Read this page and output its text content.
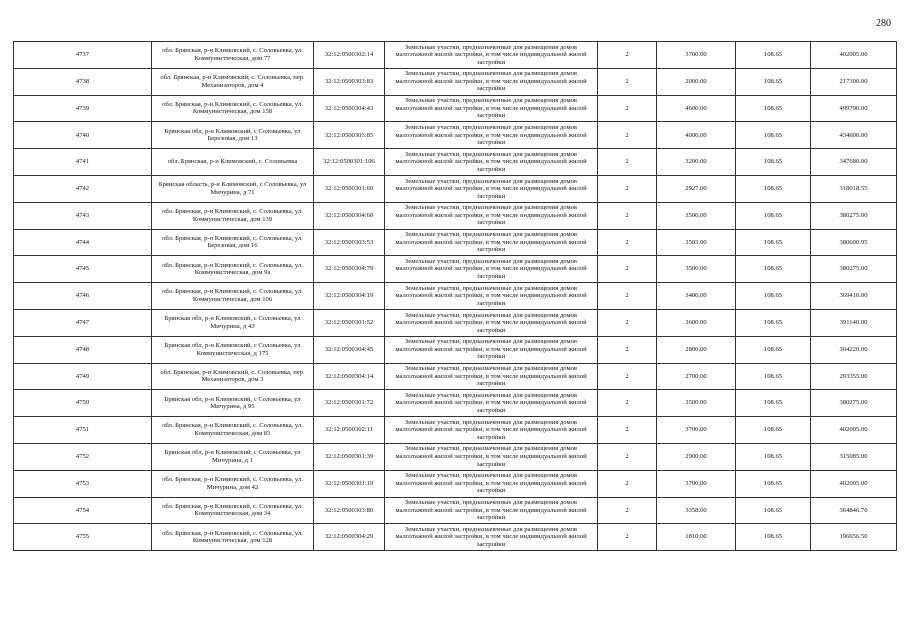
280
4737	обл. Брянская, р-н Климовский, с. Соловьевка, ул. Коммунистическая, дом 77	32:12:0500302:14	Земельные участки, предназначенные для размещения домов малоэтажной жилой застройки, в том числе индивидуальной жилой застройки	2	3700.00	108.65	402005.00
4738	обл. Брянская, р-н Климовский, с. Соловьевка, пер. Механизаторов, дом 4	32:12:0500303:83	Земельные участки, предназначенные для размещения домов малоэтажной жилой застройки, в том числе индивидуальной жилой застройки	2	2000.00	108.65	217300.00
4739	обл. Брянская, р-н Климовский, с. Соловьевка, ул. Коммунистическая, дом 158	32:12:0500304:43	Земельные участки, предназначенные для размещения домов малоэтажной жилой застройки, в том числе индивидуальной жилой застройки	2	4600.00	108.65	499790.00
4740	Брянская обл, р-н Климовский, с Соловьевка, ул Березовая, дом 13	32:12:0500303:85	Земельные участки, предназначенные для размещения домов малоэтажной жилой застройки, в том числе индивидуальной жилой застройки	2	4000.00	108.65	434600.00
4741	обл. Брянская, р-н Климовский, с. Соловьевка	32:12:0500301:106	Земельные участки, предназначенные для размещения домов малоэтажной жилой застройки, в том числе индивидуальной жилой застройки	2	3200.00	108.65	347680.00
4742	Брянская область, р-н Климовский, с Соловьевка, ул Мичурина, д 71	32:12:0500301:60	Земельные участки, предназначенные для размещения домов малоэтажной жилой застройки, в том числе индивидуальной жилой застройки	2	2927.00	108.65	318018.55
4743	обл. Брянская, р-н Климовский, с. Соловьевка, ул. Коммунистическая, дом 139	32:12:0500304:60	Земельные участки, предназначенные для размещения домов малоэтажной жилой застройки, в том числе индивидуальной жилой застройки	2	3500.00	108.65	380275.00
4744	обл. Брянская, р-н Климовский, с. Соловьевка, ул. Березовая, дом 16	32:12:0500303:53	Земельные участки, предназначенные для размещения домов малоэтажной жилой застройки, в том числе индивидуальной жилой застройки	2	3503.00	108.65	380600.95
4745	обл. Брянская, р-н Климовский, с. Соловьевка, ул. Коммунистическая, дом 9а	32:12:0500304:79	Земельные участки, предназначенные для размещения домов малоэтажной жилой застройки, в том числе индивидуальной жилой застройки	2	3500.00	108.65	380275.00
4746	обл. Брянская, р-н Климовский, с. Соловьевка, ул. Коммунистическая, дом 106	32:12:0500304:19	Земельные участки, предназначенные для размещения домов малоэтажной жилой застройки, в том числе индивидуальной жилой застройки	2	3400.00	108.65	369410.00
4747	Брянская обл, р-н Климовский, с Соловьевка, ул Мичурина, д 43	32:12:0500301:52	Земельные участки, предназначенные для размещения домов малоэтажной жилой застройки, в том числе индивидуальной жилой застройки	2	3600.00	108.65	391140.00
4748	Брянская обл, р-н Климовский, с Соловьевка, ул Коммунистическая, д 175	32:12:0500304:45	Земельные участки, предназначенные для размещения домов малоэтажной жилой застройки, в том числе индивидуальной жилой застройки	2	2800.00	108.65	304220.00
4749	обл. Брянская, р-н Климовский, с. Соловьевка, пер. Механизаторов, дом 3	32:12:0500304:14	Земельные участки, предназначенные для размещения домов малоэтажной жилой застройки, в том числе индивидуальной жилой застройки	2	2700.00	108.65	293355.00
4750	Брянская обл, р-н Климовский, с Соловьевка, ул Мичурина, д 95	32:12:0500301:72	Земельные участки, предназначенные для размещения домов малоэтажной жилой застройки, в том числе индивидуальной жилой застройки	2	3500.00	108.65	380275.00
4751	обл. Брянская, р-н Климовский, с. Соловьевка, ул. Коммунистическая, дом 83	32:12:0500302:11	Земельные участки, предназначенные для размещения домов малоэтажной жилой застройки, в том числе индивидуальной жилой застройки	2	3700.00	108.65	402005.00
4752	Брянская обл, р-н Климовский, с Соловьевка, ул Мичурина, д 1	32:12:0500301:39	Земельные участки, предназначенные для размещения домов малоэтажной жилой застройки, в том числе индивидуальной жилой застройки	2	2900.00	108.65	315085.00
4753	обл. Брянская, р-н Климовский, с. Соловьевка, ул. Мичурина, дом 42	32:12:0500301:19	Земельные участки, предназначенные для размещения домов малоэтажной жилой застройки, в том числе индивидуальной жилой застройки	2	3700.00	108.65	402005.00
4754	обл. Брянская, р-н Климовский, с. Соловьевка, ул. Коммунистическая, дом 34	32:12:0500303:80	Земельные участки, предназначенные для размещения домов малоэтажной жилой застройки, в том числе индивидуальной жилой застройки	2	3358.00	108.65	364846.70
4755	обл. Брянская, р-н Климовский, с. Соловьевка, ул. Коммунистическая, дом 128	32:12:0500304:29	Земельные участки, предназначенные для размещения домов малоэтажной жилой застройки, в том числе индивидуальной жилой застройки	2	1810.00	108.65	196656.50
